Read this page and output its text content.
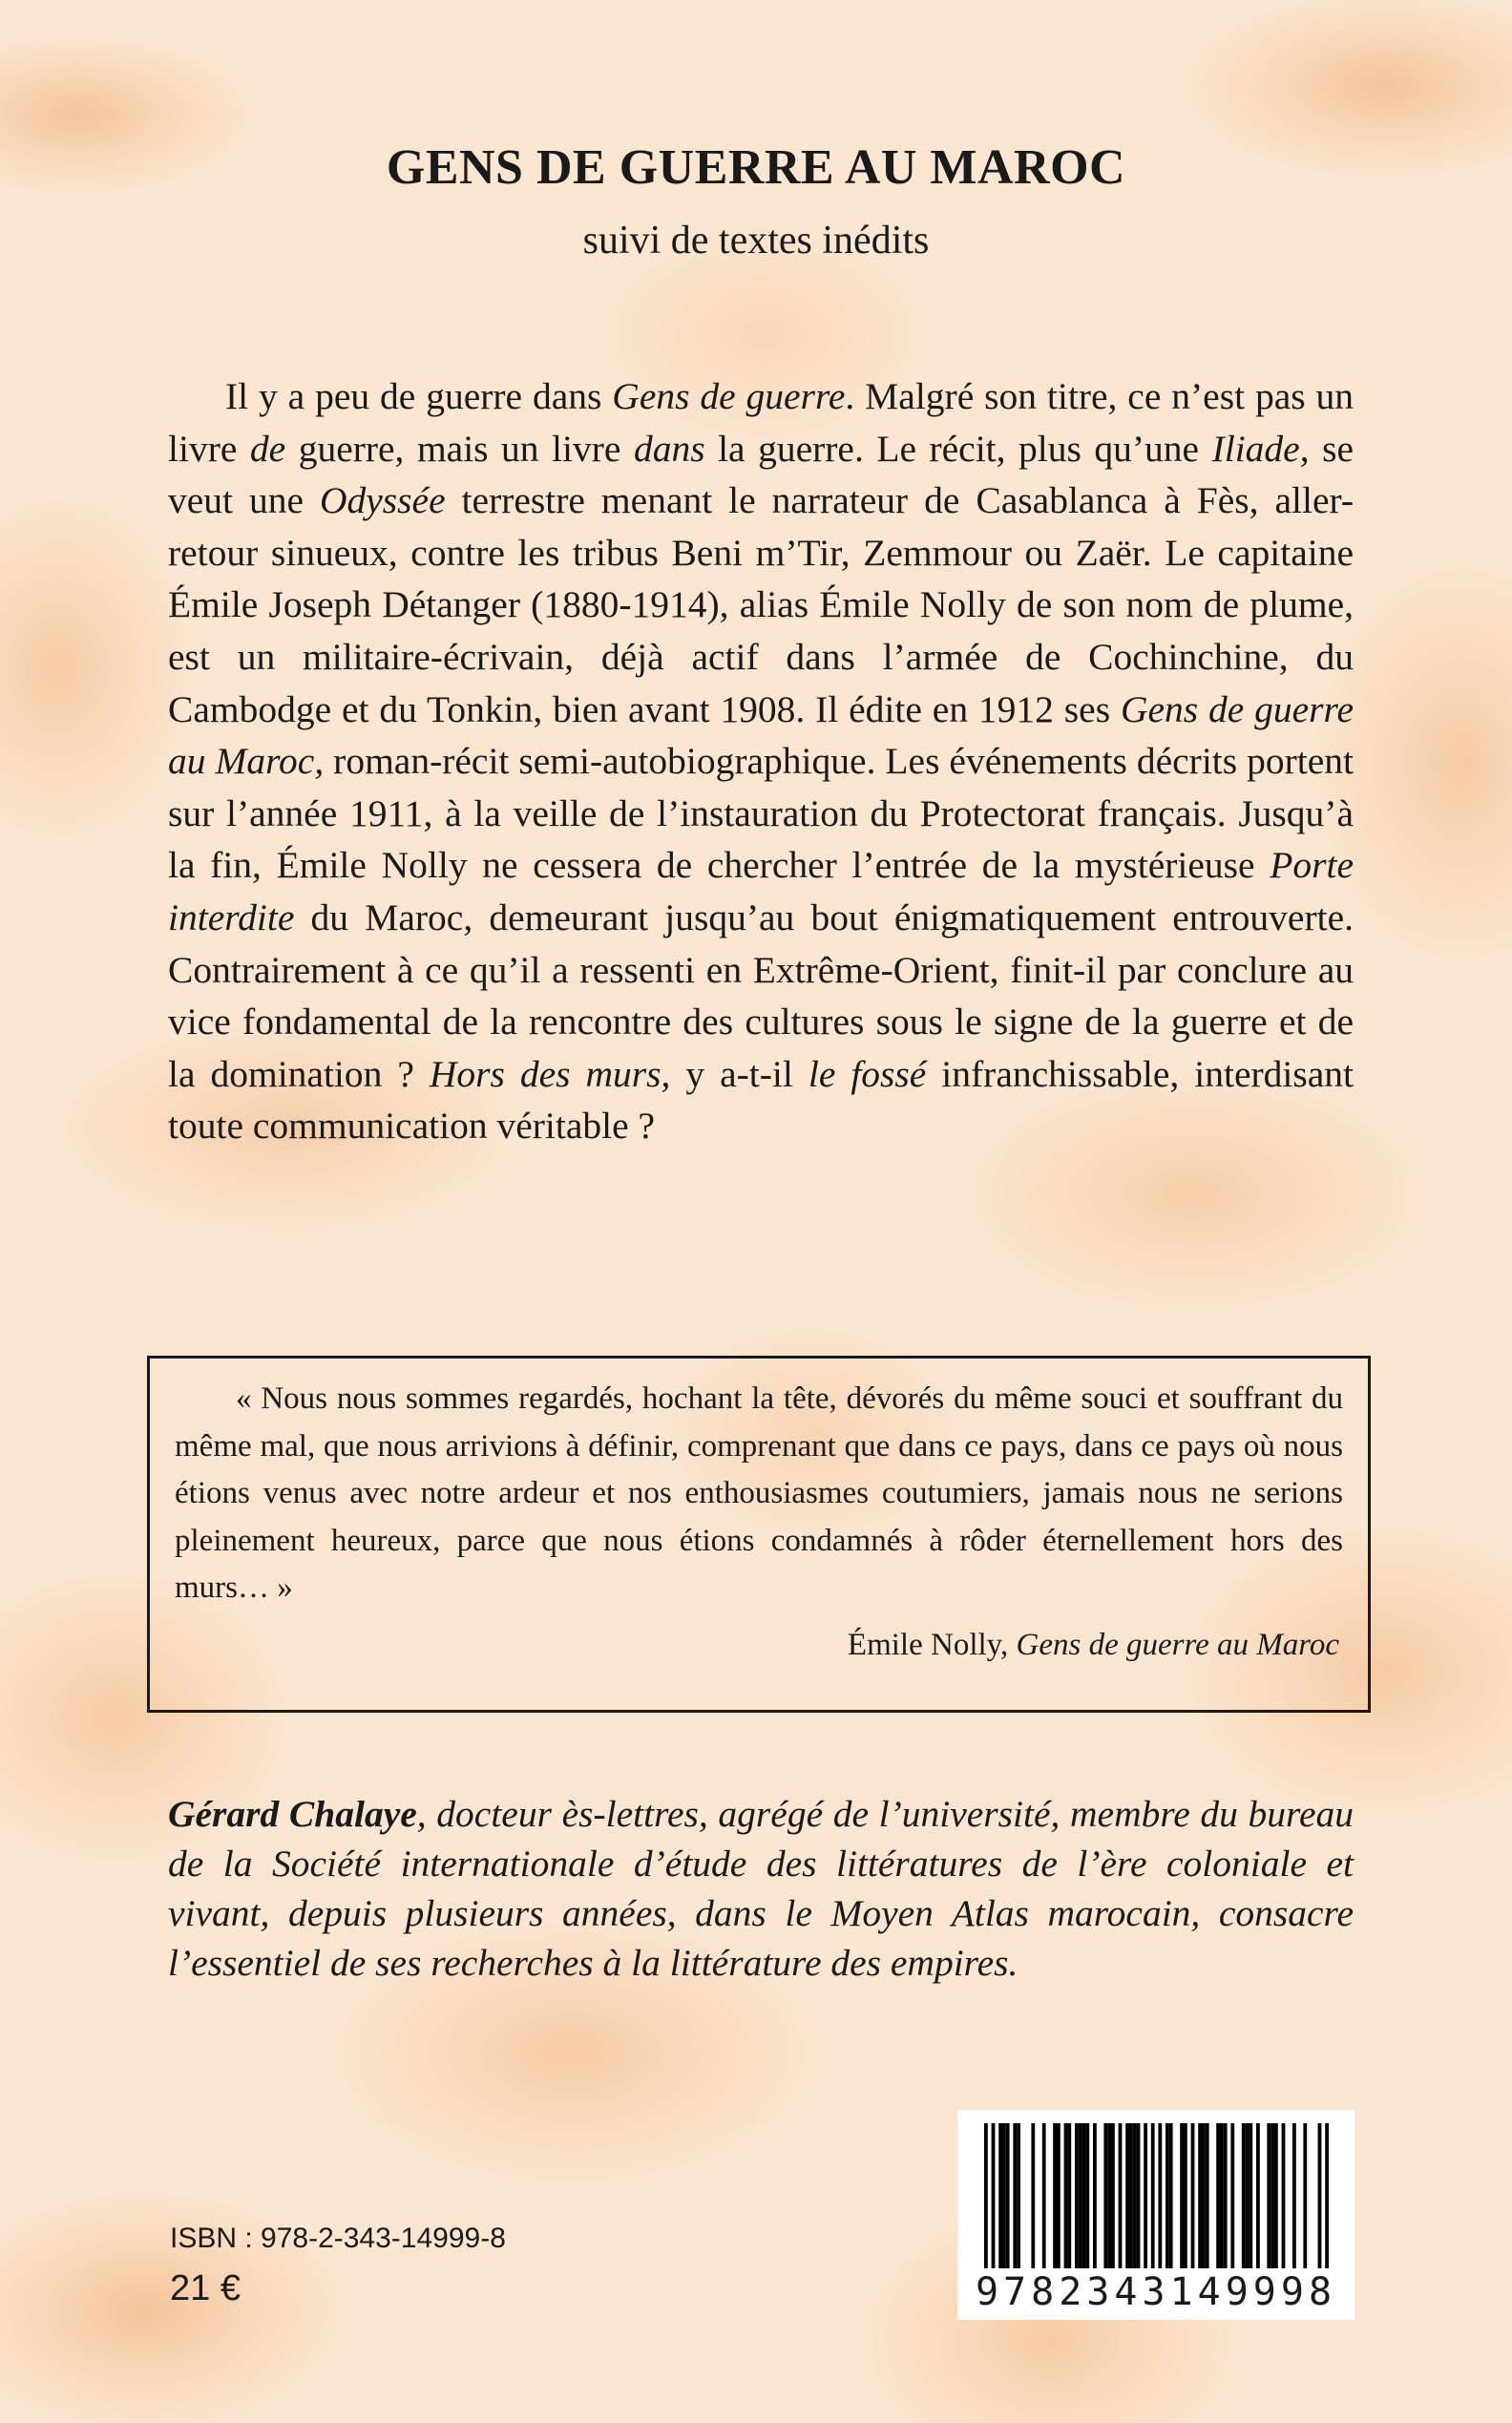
GENS DE GUERRE AU MAROC
suivi de textes inédits

Il y a peu de guerre dans Gens de guerre. Malgré son titre, ce n’est pas un livre de guerre, mais un livre dans la guerre. Le récit, plus qu’une Iliade, se veut une Odyssée terrestre menant le narrateur de Casablanca à Fès, aller-retour sinueux, contre les tribus Beni m’Tir, Zemmour ou Zaër. Le capitaine Émile Joseph Détanger (1880-1914), alias Émile Nolly de son nom de plume, est un militaire-écrivain, déjà actif dans l’armée de Cochinchine, du Cambodge et du Tonkin, bien avant 1908. Il édite en 1912 ses Gens de guerre au Maroc, roman-récit semi-autobiographique. Les événements décrits portent sur l’année 1911, à la veille de l’instauration du Protectorat français. Jusqu’à la fin, Émile Nolly ne cessera de chercher l’entrée de la mystérieuse Porte interdite du Maroc, demeurant jusqu’au bout énigmatiquement entrouverte. Contrairement à ce qu’il a ressenti en Extrême-Orient, finit-il par conclure au vice fondamental de la rencontre des cultures sous le signe de la guerre et de la domination ? Hors des murs, y a-t-il le fossé infranchissable, interdisant toute communication véritable ?

« Nous nous sommes regardés, hochant la tête, dévorés du même souci et souffrant du même mal, que nous arrivions à définir, comprenant que dans ce pays, dans ce pays où nous étions venus avec notre ardeur et nos enthousiasmes coutumiers, jamais nous ne serions pleinement heureux, parce que nous étions condamnés à rôder éternellement hors des murs… »

Émile Nolly, Gens de guerre au Maroc

Gérard Chalaye, docteur ès-lettres, agrégé de l’université, membre du bureau de la Société internationale d’étude des littératures de l’ère coloniale et vivant, depuis plusieurs années, dans le Moyen Atlas marocain, consacre l’essentiel de ses recherches à la littérature des empires.

ISBN : 978-2-343-14999-8
21 €	9782343149998
